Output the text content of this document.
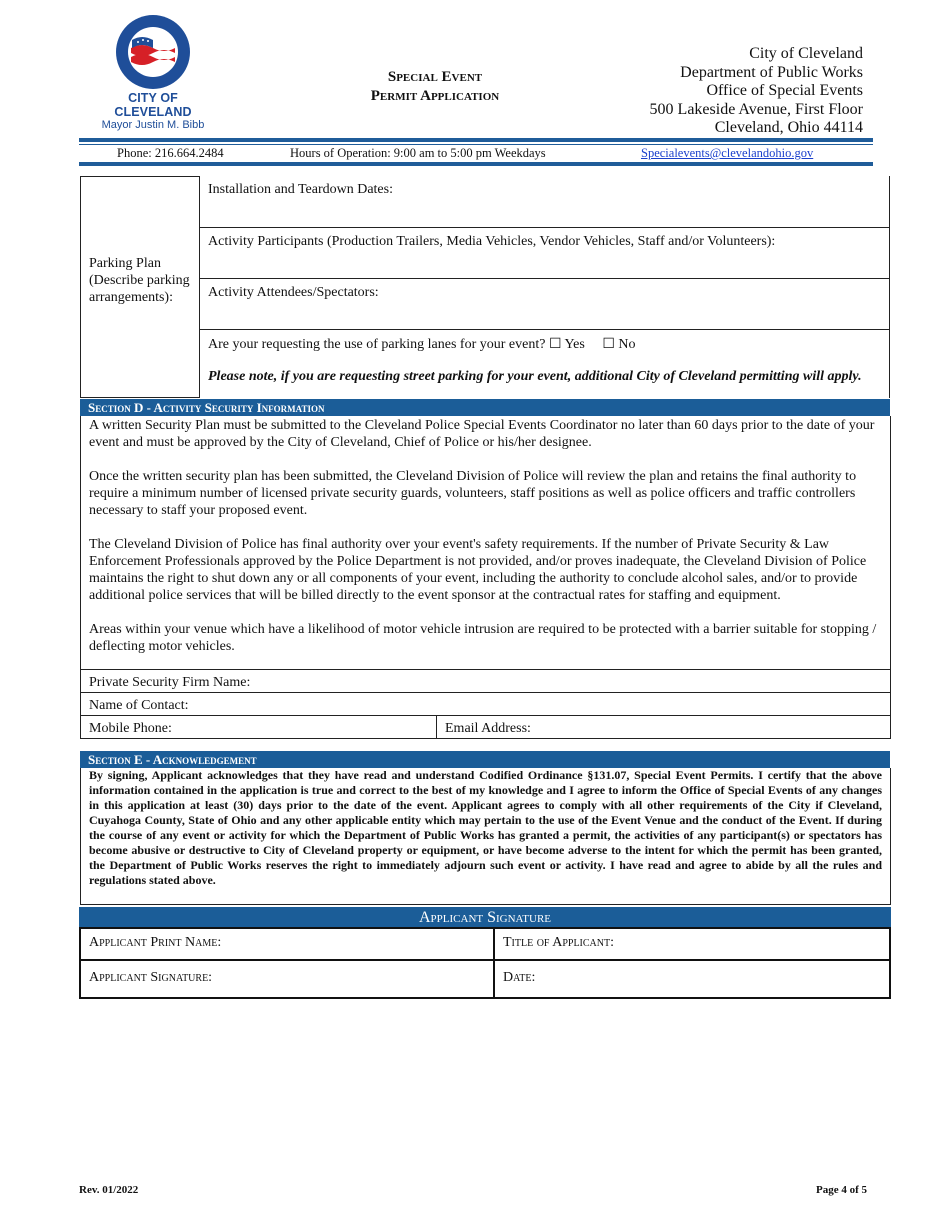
CITY OF CLEVELAND
Mayor Justin M. Bibb
Special Event
Permit Application
City of Cleveland
Department of Public Works
Office of Special Events
500 Lakeside Avenue, First Floor
Cleveland, Ohio 44114
Phone: 216.664.2484	Hours of Operation: 9:00 am to 5:00 pm Weekdays	Specialevents@clevelandohio.gov
Parking Plan (Describe parking arrangements):
Installation and Teardown Dates:
Activity Participants (Production Trailers, Media Vehicles, Vendor Vehicles, Staff and/or Volunteers):
Activity Attendees/Spectators:
Are your requesting the use of parking lanes for your event? ☐ Yes     ☐ No
Please note, if you are requesting street parking for your event, additional City of Cleveland permitting will apply.
Section D - Activity Security Information

A written Security Plan must be submitted to the Cleveland Police Special Events Coordinator no later than 60 days prior to the date of your event and must be approved by the City of Cleveland, Chief of Police or his/her designee.

Once the written security plan has been submitted, the Cleveland Division of Police will review the plan and retains the final authority to require a minimum number of licensed private security guards, volunteers, staff positions as well as police officers and traffic controllers necessary to staff your proposed event.

The Cleveland Division of Police has final authority over your event's safety requirements. If the number of Private Security & Law Enforcement Professionals approved by the Police Department is not provided, and/or proves inadequate, the Cleveland Division of Police maintains the right to shut down any or all components of your event, including the authority to conclude alcohol sales, and/or to provide additional police services that will be billed directly to the event sponsor at the contractual rates for staffing and equipment.

Areas within your venue which have a likelihood of motor vehicle intrusion are required to be protected with a barrier suitable for stopping / deflecting motor vehicles.

Private Security Firm Name:
Name of Contact:
Mobile Phone:	Email Address:
Section E - Acknowledgement
By signing, Applicant acknowledges that they have read and understand Codified Ordinance §131.07, Special Event Permits. I certify that the above information contained in the application is true and correct to the best of my knowledge and I agree to inform the Office of Special Events of any changes in this application at least (30) days prior to the date of the event. Applicant agrees to comply with all other requirements of the City if Cleveland, Cuyahoga County, State of Ohio and any other applicable entity which may pertain to the use of the Event Venue and the conduct of the Event. If during the course of any event or activity for which the Department of Public Works has granted a permit, the activities of any participant(s) or spectators has become abusive or destructive to City of Cleveland property or equipment, or have become adverse to the intent for which the permit has been granted, the Department of Public Works reserves the right to immediately adjourn such event or activity. I have read and agree to abide by all the rules and regulations stated above.
Applicant Signature
Applicant Print Name:	Title of Applicant:
Applicant Signature:	Date:
Rev. 01/2022	Page 4 of 5
